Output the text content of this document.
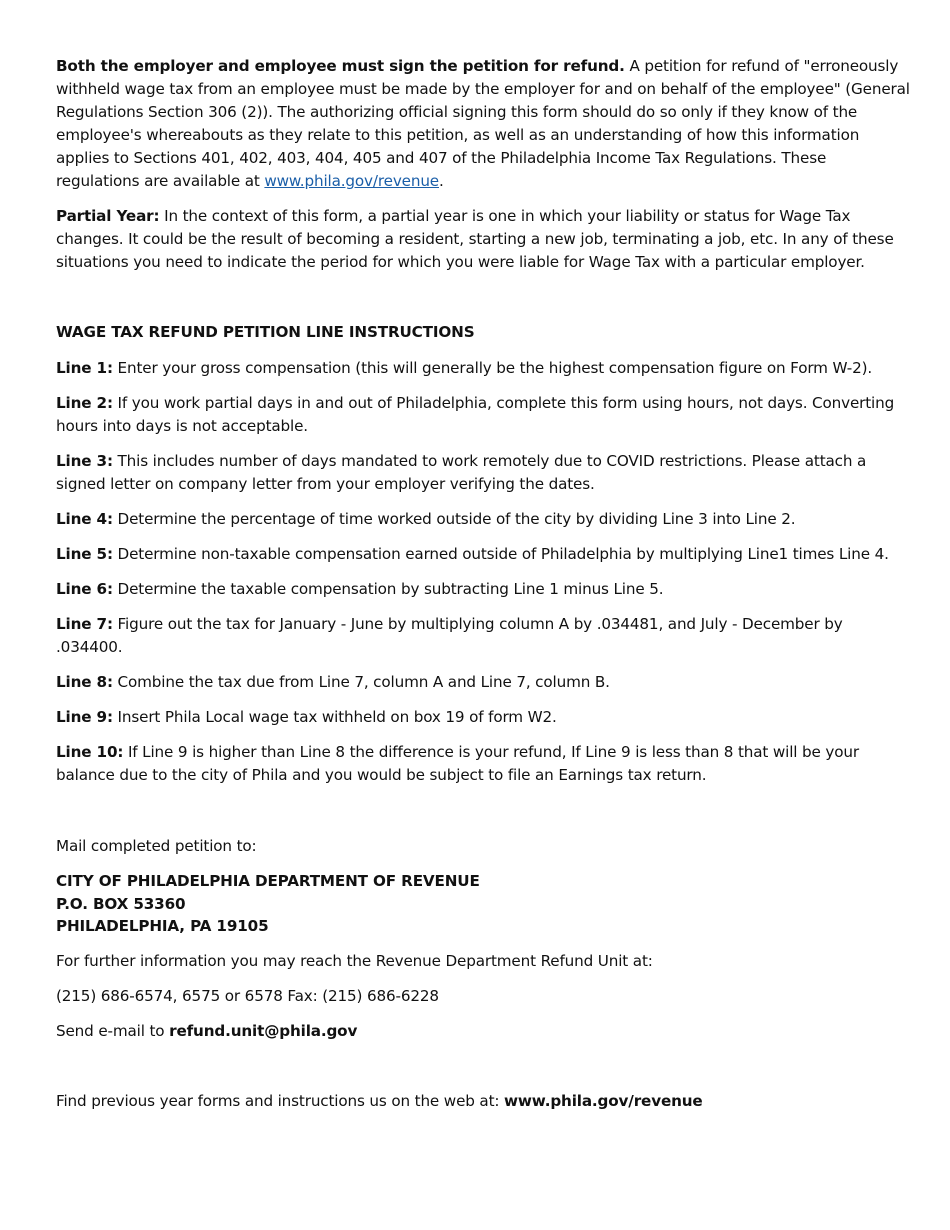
Both the employer and employee must sign the petition for refund. A petition for refund of "erroneously withheld wage tax from an employee must be made by the employer for and on behalf of the employee" (General Regulations Section 306 (2)). The authorizing official signing this form should do so only if they know of the employee's whereabouts as they relate to this petition, as well as an understanding of how this information applies to Sections 401, 402, 403, 404, 405 and 407 of the Philadelphia Income Tax Regulations. These regulations are available at www.phila.gov/revenue.

Partial Year: In the context of this form, a partial year is one in which your liability or status for Wage Tax changes. It could be the result of becoming a resident, starting a new job, terminating a job, etc. In any of these situations you need to indicate the period for which you were liable for Wage Tax with a particular employer.

WAGE TAX REFUND PETITION LINE INSTRUCTIONS

Line 1: Enter your gross compensation (this will generally be the highest compensation figure on Form W-2).

Line 2: If you work partial days in and out of Philadelphia, complete this form using hours, not days. Converting hours into days is not acceptable.

Line 3: This includes number of days mandated to work remotely due to COVID restrictions. Please attach a signed letter on company letter from your employer verifying the dates.

Line 4: Determine the percentage of time worked outside of the city by dividing Line 3 into Line 2.

Line 5: Determine non-taxable compensation earned outside of Philadelphia by multiplying Line1 times Line 4.

Line 6: Determine the taxable compensation by subtracting Line 1 minus Line 5.

Line 7: Figure out the tax for January - June by multiplying column A by .034481, and July - December by .034400.

Line 8: Combine the tax due from Line 7, column A and Line 7, column B.

Line 9: Insert Phila Local wage tax withheld on box 19 of form W2.

Line 10: If Line 9 is higher than Line 8 the difference is your refund, If Line 9 is less than 8 that will be your balance due to the city of Phila and you would be subject to file an Earnings tax return.

Mail completed petition to:

CITY OF PHILADELPHIA DEPARTMENT OF REVENUE
P.O. BOX 53360
PHILADELPHIA, PA 19105

For further information you may reach the Revenue Department Refund Unit at:

(215) 686-6574, 6575 or 6578 Fax: (215) 686-6228

Send e-mail to refund.unit@phila.gov

Find previous year forms and instructions us on the web at: www.phila.gov/revenue
